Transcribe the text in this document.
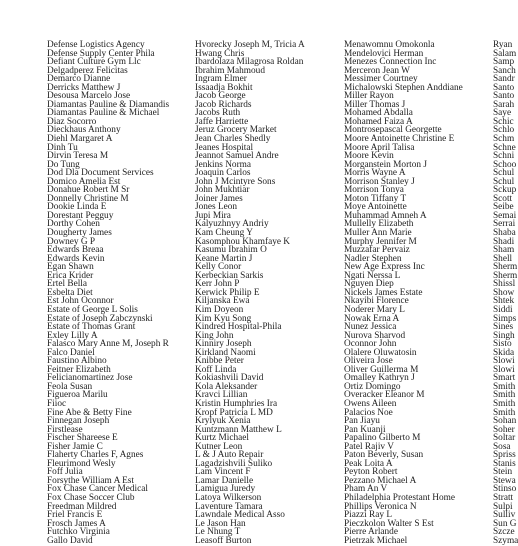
Defense Logistics Agency
Defense Supply Center Phila
Defiant Culture Gym Llc
Delgadperez Felicitas
Demarco Dianne
Derricks Matthew J
Desousa Marcelo Jose
Diamantas Pauline & Diamandis
Diamantas Pauline & Michael
Diaz Socorro
Dieckhaus Anthony
Diehl Margaret A
Dinh Tu
Dirvin Teresa M
Do Tung
Dod Dla Document Services
Domico Amelia Est
Donahue Robert M Sr
Donnelly Christine M
Dookie Linda E
Dorestant Pegguy
Dorthy Cohen
Dougherty James
Downey G P
Edwards Breaa
Edwards Kevin
Egan Shawn
Erica Krider
Ertel Bella
Esbelta Diet
Est John Oconnor
Estate of George L Solis
Estate of Joseph Zabczynski
Estate of Thomas Grant
Exley Lilly A
Falasco Mary Anne M, Joseph R
Falco Daniel
Faustino Albino
Feitner Elizabeth
Felicianomartinez Jose
Feola Susan
Figueroa Marilu
Fiioc
Fine Abe & Betty Fine
Finnegan Joseph
Firstlease
Fischer Shareese E
Fisher Jamie C
Flaherty Charles F, Agnes
Fleurimond Wesly
Foff Julia
Forsythe William A Est
Fox Chase Cancer Medical
Fox Chase Soccer Club
Freedman Mildred
Friel Francis E
Frosch James A
Futchko Virginia
Gallo David
Hvorecky Joseph M, Tricia A
Hwang Chris
Ibardolaza Milagrosa Roldan
Ibrahim Mahmoud
Ingram Elmer
Issaadja Bokhit
Jacob George
Jacob Richards
Jacobs Ruth
Jaffe Harriette
Jeruz Grocery Market
Jean Charles Shedly
Jeanes Hospital
Jeannot Samuel Andre
Jenkins Norma
Joaquin Carlos
John J Mcintyre Sons
John Mukhtiar
Joiner James
Jones Leon
Jupi Mira
Kalyuzhnyy Andriy
Kam Cheung Y
Kasomphou Khamfaye K
Kasumu Ibrahim O
Keane Martin J
Kelly Conor
Kerbeckian Sarkis
Kerr John P
Kerwick Philip E
Kiljanska Ewa
Kim Doyeon
Kim Kyu Song
Kindred Hospital-Phila
King John
Kinniry Joseph
Kirkland Naomi
Knibbe Peter
Koff Linda
Kokiashvili David
Kola Aleksander
Kravci Lillian
Kristin Humphries Ira
Kropf Patricia L MD
Krylyuk Xenia
Kuntzmann Matthew L
Kurtz Michael
Kutner Leon
L & J Auto Repair
Lagadzishvili Suliko
Lam Vincent F
Lamar Danielle
Lamigua Juredy
Latoya Wilkerson
Laventure Tamara
Lawndale Medical Asso
Le Jason Han
Le Nhung T
Leasoff Burton
Menawomnu Omokonla
Mendelovici Herman
Menezes Connection Inc
Merceron Jean W
Messimer Courtney
Michalowski Stephen Anddiane
Miller Rayon
Miller Thomas J
Mohamed Abdalla
Mohamed Faiza A
Montrosepascal Georgette
Moore Antoinette Christine E
Moore April Talisa
Moore Kevin
Morganstein Morton J
Morris Wayne A
Morrison Stanley J
Morrison Tonya
Moton Tiffany T
Moye Antoinette
Muhammad Amneh A
Mullelly Elizabeth
Muller Ann Marie
Murphy Jennifer M
Muzzafar Pervaiz
Nadler Stephen
New Age Express Inc
Ngati Nerssa L
Nguyen Diep
Nickels James Estate
Nkayibi Florence
Noderer Mary L
Nowak Erna A
Nunez Jessica
Nurova Sharvod
Oconnor John
Olalere Oluwatosin
Oliveira Jose
Oliver Guillerma M
Omalley Kathryn J
Ortiz Domingo
Overacker Eleanor M
Owens Aileen
Palacios Noe
Pan Jiayu
Pan Kuanji
Papalino Gilberto M
Patel Rajiv V
Paton Beverly, Susan
Peak Loita A
Peyton Robert
Pezzano Michael A
Pham An V
Philadelphia Protestant Home
Phillips Veronica N
Piazzi Ray L
Pieczkolon Walter S Est
Pierre Arlande
Pietrzak Michael
Ryan
Salam
Samp
Sanch
Sandr
Santo
Santo
Sarah
Saye
Schic
Schlo
Schm
Schne
Schni
Schoo
Schul
Schul
Sckup
Scott
Seibe
Semai
Serrai
Shaba
Shadi
Sham
Shell
Sherm
Sherm
Shissl
Show
Shtek
Siddi
Simps
Sines
Singh
Sisto
Skida
Slowi
Slowi
Smart
Smith
Smith
Smith
Smith
Sohan
Soher
Soltar
Sosa
Spriss
Stanis
Stein
Stewa
Stinso
Stratt
Sulpi
Sulliv
Sun G
Szcze
Szyma
